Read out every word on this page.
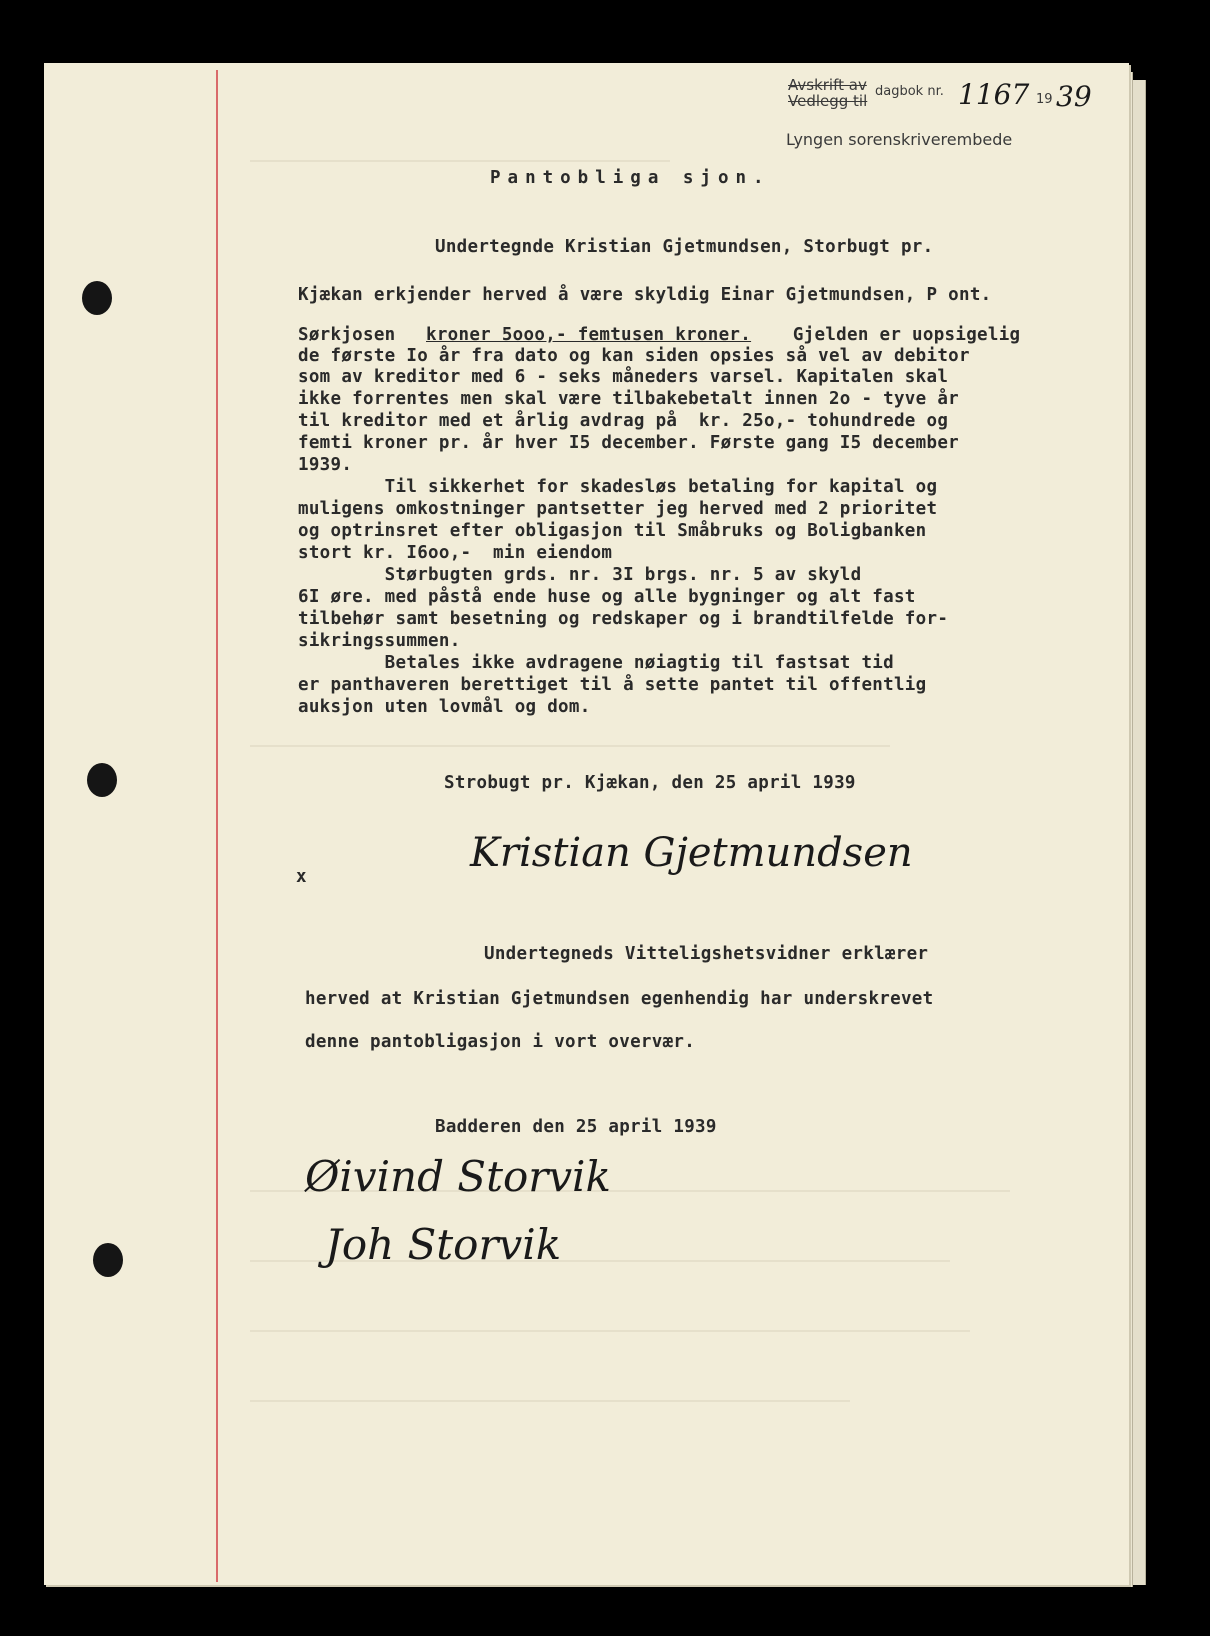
Avskrift av
Vedlegg til
dagbok nr. 1167 19 39
Lyngen sorenskriverembede
Pantobliga sjon.
Undertegnde Kristian Gjetmundsen, Storbugt pr.
Kjækan erkjender herved å være skyldig Einar Gjetmundsen, P ont.
Sørkjosen kroner 5ooo,- femtusen kroner. Gjelden er uopsigelig
de første Io år fra dato og kan siden opsies så vel av debitor
som av kreditor med 6 - seks måneders varsel. Kapitalen skal
ikke forrentes men skal være tilbakebetalt innen 2o - tyve år
til kreditor med et årlig avdrag på  kr. 25o,- tohundrede og
femti kroner pr. år hver I5 december. Første gang I5 december
1939.
Til sikkerhet for skadesløs betaling for kapital og
muligens omkostninger pantsetter jeg herved med 2 prioritet
og optrinsret efter obligasjon til Småbruks og Boligbanken
stort kr. I6oo,-  min eiendom
Størbugten grds. nr. 3I brgs. nr. 5 av skyld
6I øre. med påstå ende huse og alle bygninger og alt fast
tilbehør samt besetning og redskaper og i brandtilfelde for-
sikringssummen.
Betales ikke avdragene nøiagtig til fastsat tid
er panthaveren berettiget til å sette pantet til offentlig
auksjon uten lovmål og dom.
Strobugt pr. Kjækan, den 25 april 1939
x
Kristian Gjetmundsen
Undertegneds Vitteligshetsvidner erklærer
herved at Kristian Gjetmundsen egenhendig har underskrevet
denne pantobligasjon i vort overvær.
Badderen den 25 april 1939
Øivind Storvik
Joh Storvik
